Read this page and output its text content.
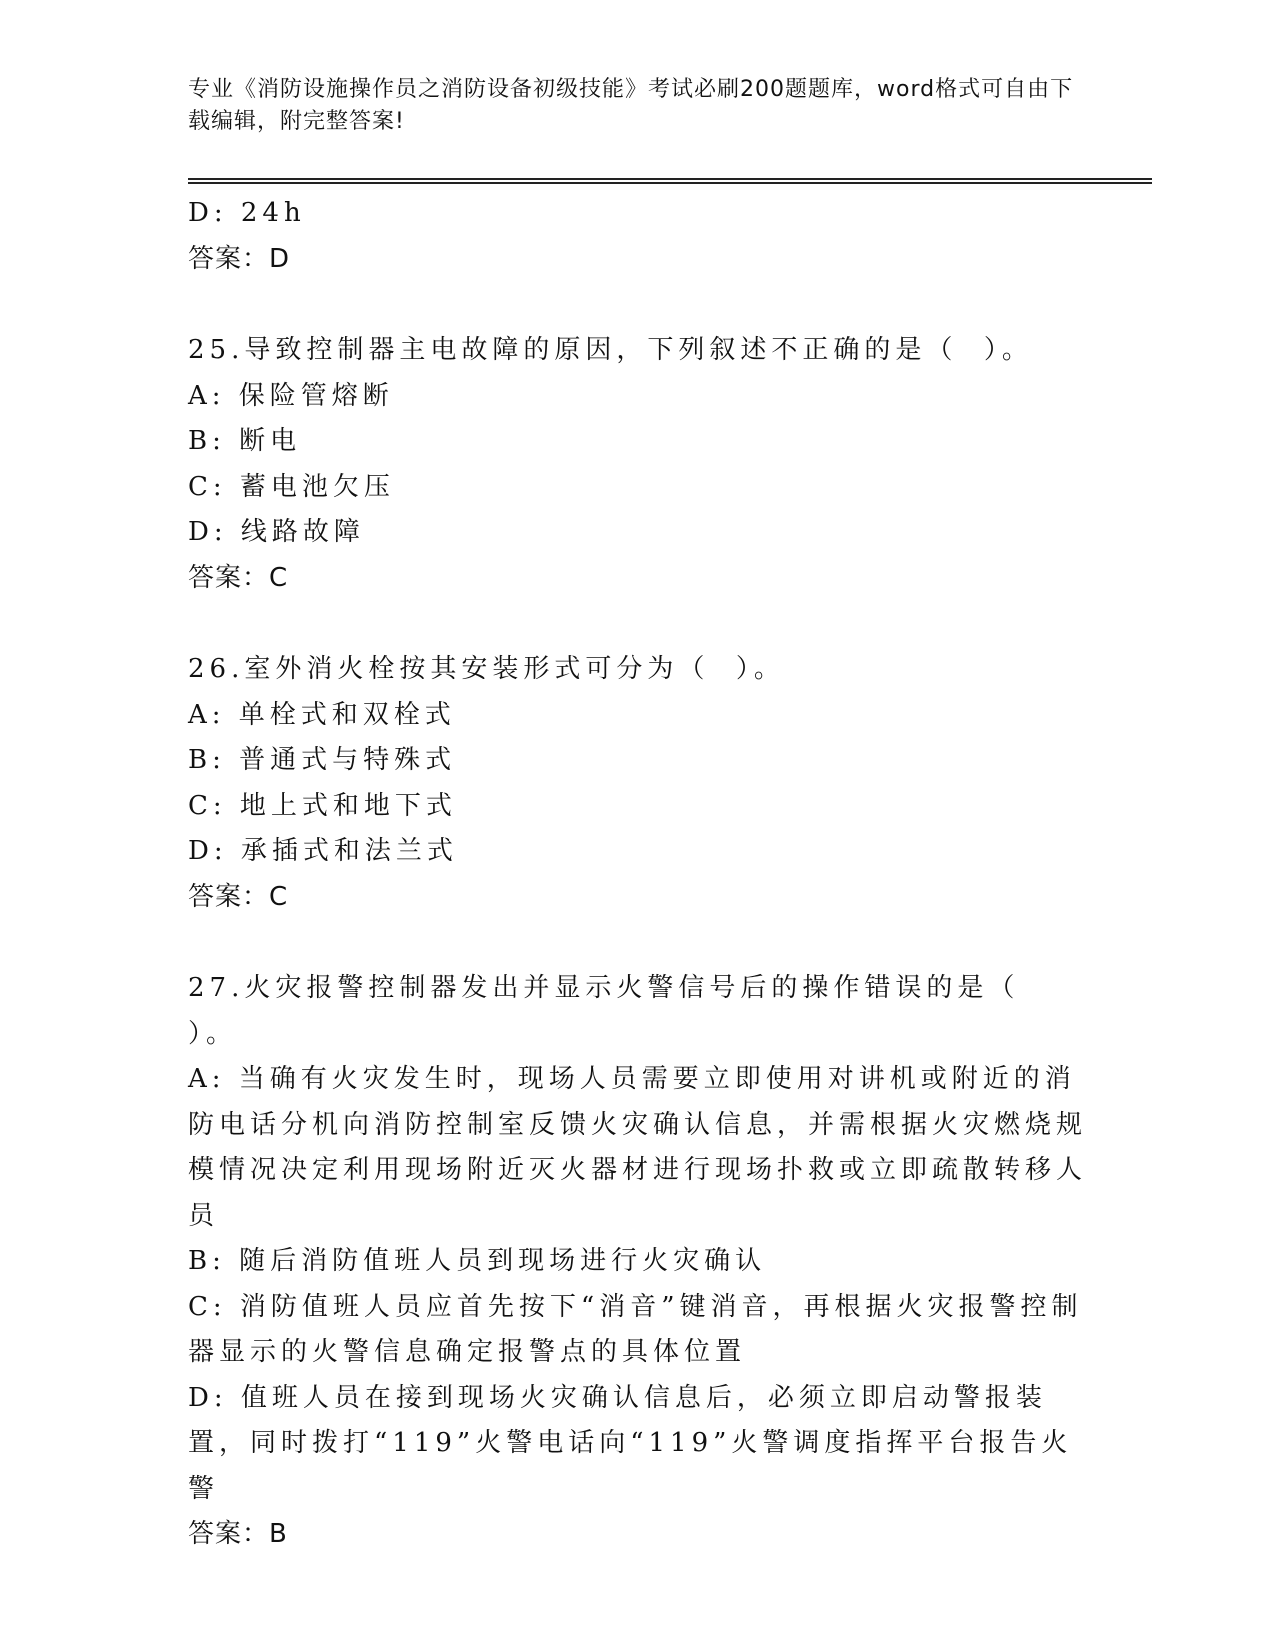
专业《消防设施操作员之消防设备初级技能》考试必刷200题题库，word格式可自由下载编辑，附完整答案!
D: 24h
答案：D
25.导致控制器主电故障的原因，下列叙述不正确的是（  ）。
A: 保险管熔断
B: 断电
C: 蓄电池欠压
D: 线路故障
答案：C
26.室外消火栓按其安装形式可分为（  ）。
A: 单栓式和双栓式
B: 普通式与特殊式
C: 地上式和地下式
D: 承插式和法兰式
答案：C
27.火灾报警控制器发出并显示火警信号后的操作错误的是（  ）。
A: 当确有火灾发生时，现场人员需要立即使用对讲机或附近的消防电话分机向消防控制室反馈火灾确认信息，并需根据火灾燃烧规模情况决定利用现场附近灭火器材进行现场扑救或立即疏散转移人员
B: 随后消防值班人员到现场进行火灾确认
C: 消防值班人员应首先按下“消音”键消音，再根据火灾报警控制器显示的火警信息确定报警点的具体位置
D: 值班人员在接到现场火灾确认信息后，必须立即启动警报装置，同时拨打“119”火警电话向“119”火警调度指挥平台报告火警
答案：B
